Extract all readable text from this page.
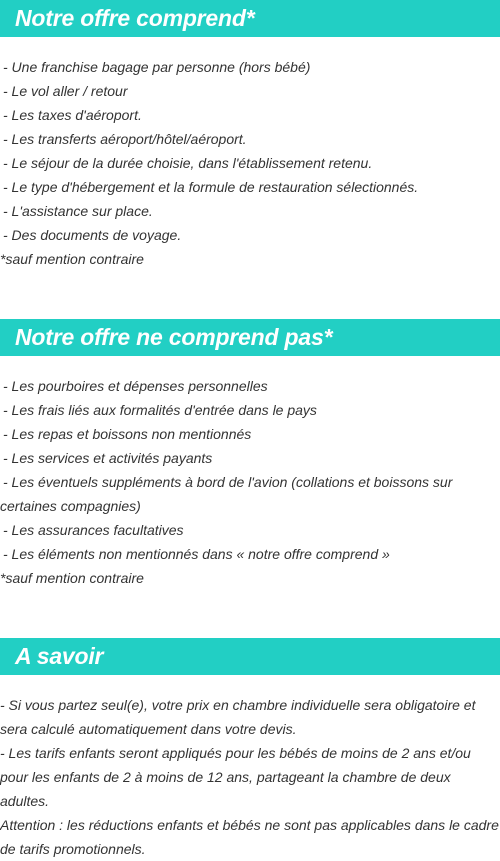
Notre offre comprend*
- Une franchise bagage par personne (hors bébé)
- Le vol aller / retour
- Les taxes d'aéroport.
- Les transferts aéroport/hôtel/aéroport.
- Le séjour de la durée choisie, dans l'établissement retenu.
- Le type d'hébergement et la formule de restauration sélectionnés.
- L'assistance sur place.
- Des documents de voyage.
*sauf mention contraire
Notre offre ne comprend pas*
- Les pourboires et dépenses personnelles
- Les frais liés aux formalités d'entrée dans le pays
- Les repas et boissons non mentionnés
- Les services et activités payants
- Les éventuels suppléments à bord de l'avion (collations et boissons sur certaines compagnies)
- Les assurances facultatives
- Les éléments non mentionnés dans « notre offre comprend »
*sauf mention contraire
A savoir
- Si vous partez seul(e), votre prix en chambre individuelle sera obligatoire et sera calculé automatiquement dans votre devis.
- Les tarifs enfants seront appliqués pour les bébés de moins de 2 ans et/ou pour les enfants de 2 à moins de 12 ans, partageant la chambre de deux adultes.
Attention : les réductions enfants et bébés ne sont pas applicables dans le cadre de tarifs promotionnels.
